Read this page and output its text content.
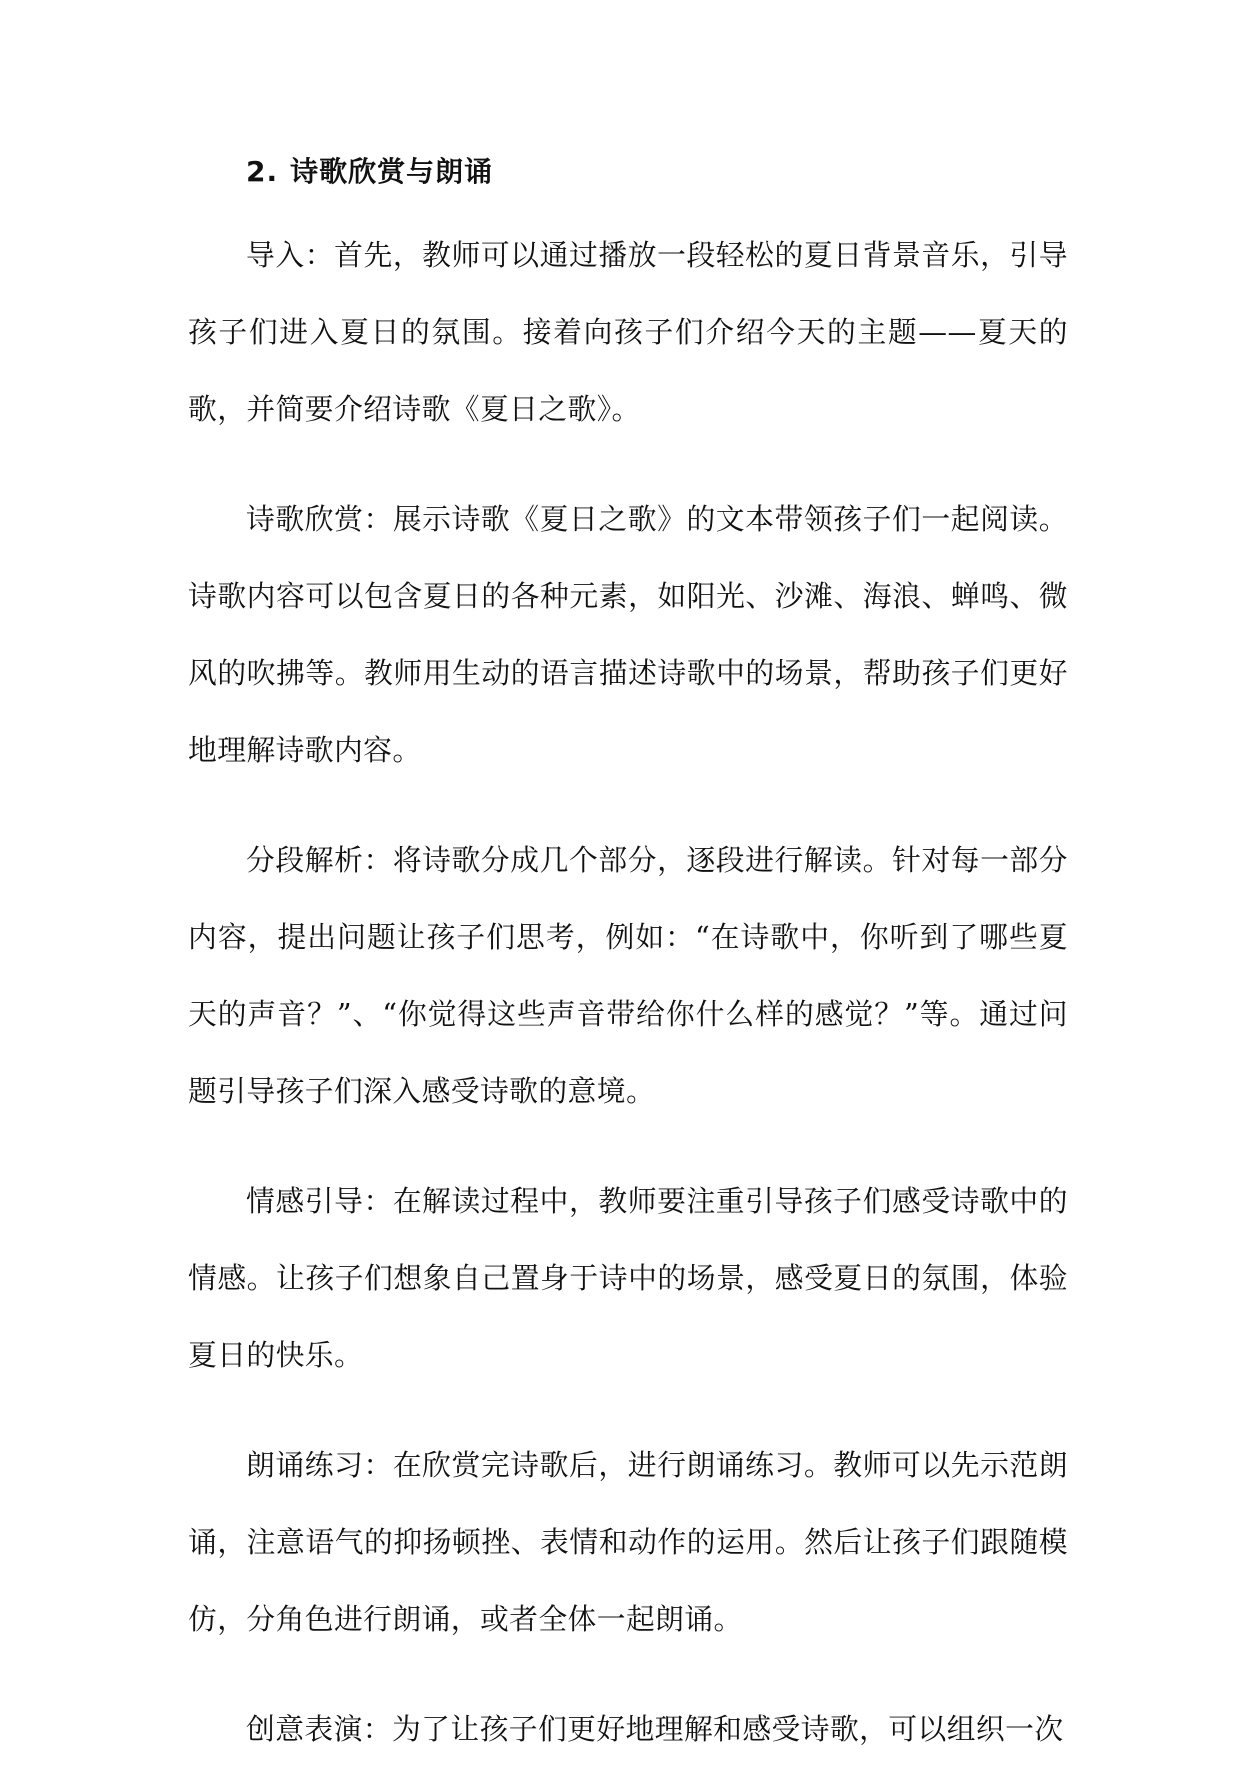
2. 诗歌欣赏与朗诵

导入：首先，教师可以通过播放一段轻松的夏日背景音乐，引导孩子们进入夏日的氛围。接着向孩子们介绍今天的主题——夏天的歌，并简要介绍诗歌《夏日之歌》。

诗歌欣赏：展示诗歌《夏日之歌》的文本带领孩子们一起阅读。诗歌内容可以包含夏日的各种元素，如阳光、沙滩、海浪、蝉鸣、微风的吹拂等。教师用生动的语言描述诗歌中的场景，帮助孩子们更好地理解诗歌内容。

分段解析：将诗歌分成几个部分，逐段进行解读。针对每一部分内容，提出问题让孩子们思考，例如：“在诗歌中，你听到了哪些夏天的声音？”、“你觉得这些声音带给你什么样的感觉？”等。通过问题引导孩子们深入感受诗歌的意境。

情感引导：在解读过程中，教师要注重引导孩子们感受诗歌中的情感。让孩子们想象自己置身于诗中的场景，感受夏日的氛围，体验夏日的快乐。

朗诵练习：在欣赏完诗歌后，进行朗诵练习。教师可以先示范朗诵，注意语气的抑扬顿挫、表情和动作的运用。然后让孩子们跟随模仿，分角色进行朗诵，或者全体一起朗诵。

创意表演：为了让孩子们更好地理解和感受诗歌，可以组织一次
